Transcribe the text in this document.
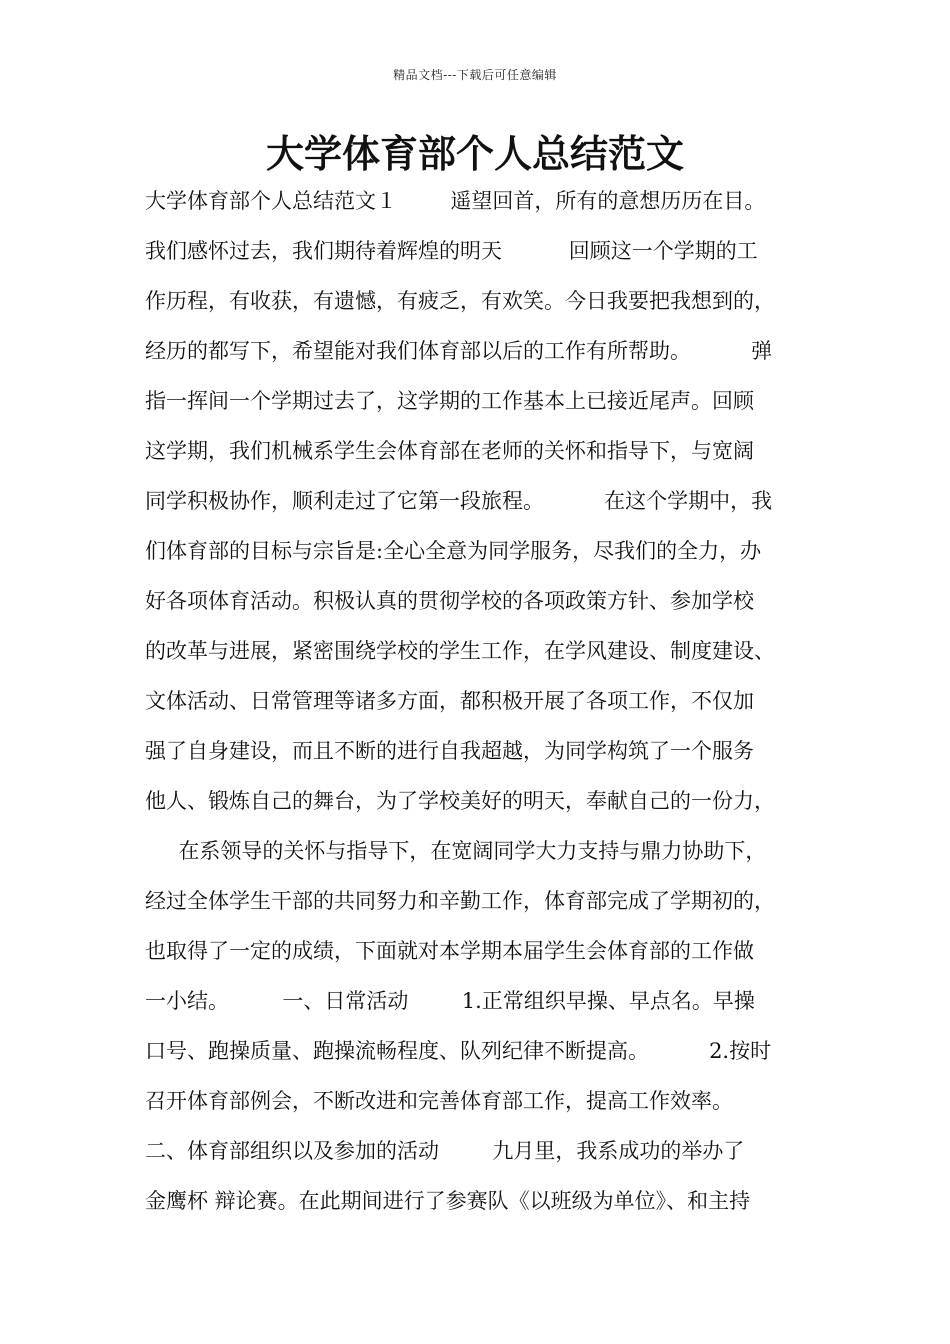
精品文档---下载后可任意编辑
大学体育部个人总结范文
大学体育部个人总结范文１        遥望回首，所有的意想历历在目。
我们感怀过去，我们期待着辉煌的明天          回顾这一个学期的工
作历程，有收获，有遗憾，有疲乏，有欢笑。今日我要把我想到的，
经历的都写下，希望能对我们体育部以后的工作有所帮助。         弹
指一挥间一个学期过去了，这学期的工作基本上已接近尾声。回顾
这学期，我们机械系学生会体育部在老师的关怀和指导下，与宽阔
同学积极协作，顺利走过了它第一段旅程。         在这个学期中，我
们体育部的目标与宗旨是:全心全意为同学服务，尽我们的全力，办
好各项体育活动。积极认真的贯彻学校的各项政策方针、参加学校
的改革与进展，紧密围绕学校的学生工作，在学风建设、制度建设、
文体活动、日常管理等诸多方面，都积极开展了各项工作，不仅加
强了自身建设，而且不断的进行自我超越，为同学构筑了一个服务
他人、锻炼自己的舞台，为了学校美好的明天，奉献自己的一份力，
在系领导的关怀与指导下，在宽阔同学大力支持与鼎力协助下，
经过全体学生干部的共同努力和辛勤工作，体育部完成了学期初的，
也取得了一定的成绩，下面就对本学期本届学生会体育部的工作做
一小结。        一、日常活动        1.正常组织早操、早点名。早操
口号、跑操质量、跑操流畅程度、队列纪律不断提高。         2.按时
召开体育部例会，不断改进和完善体育部工作，提高工作效率。
二、体育部组织以及参加的活动        九月里，我系成功的举办了
金鹰杯 辩论赛。在此期间进行了参赛队《以班级为单位》、和主持
